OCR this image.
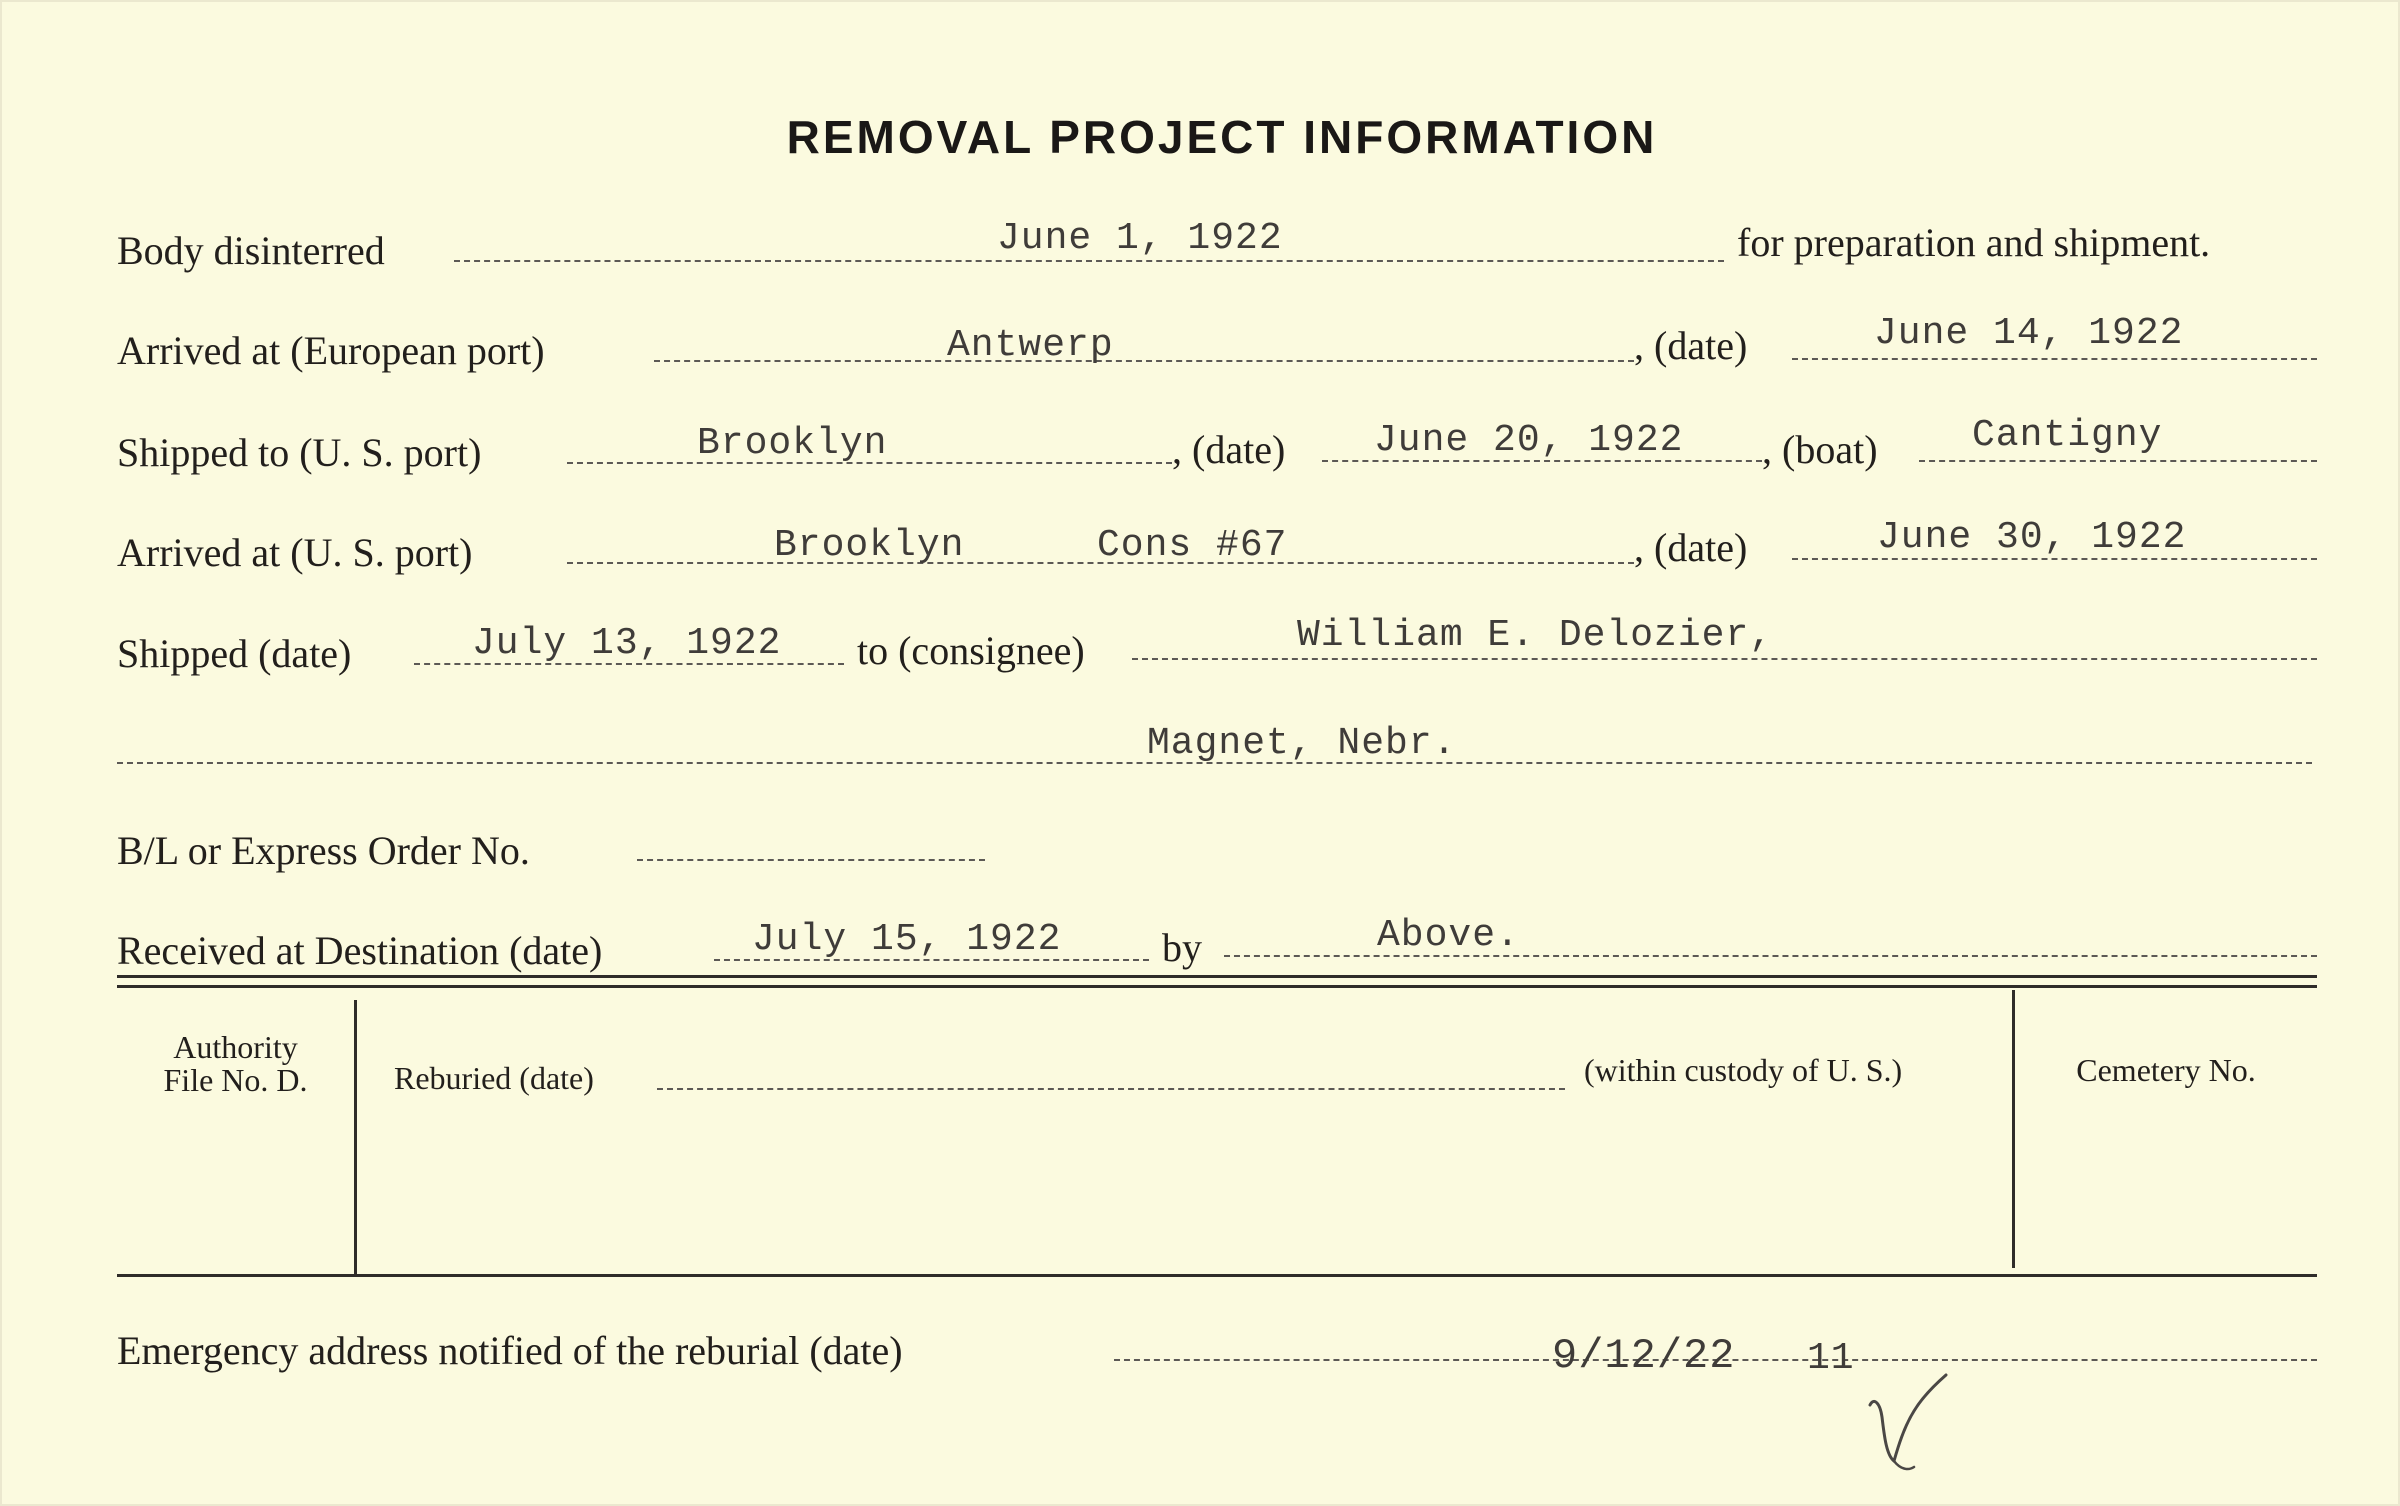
REMOVAL PROJECT INFORMATION
Body disinterred	June 1, 1922	for preparation and shipment.
Arrived at (European port)	Antwerp	, (date)	June 14, 1922
Shipped to (U. S. port)	Brooklyn	, (date) June 20, 1922 , (boat) Cantigny
Arrived at (U. S. port)	Brooklyn	Cons #67	, (date)	June 30, 1922
Shipped (date)	July 13, 1922 to (consignee)	William E. Delozier,
Magnet, Nebr.
B/L or Express Order No.
Received at Destination (date)	July 15, 1922	by	Above.
Authority
File No. D.	Reburied (date)	(within custody of U. S.)	Cemetery No.
Emergency address notified of the reburial (date)	9/12/22 11
